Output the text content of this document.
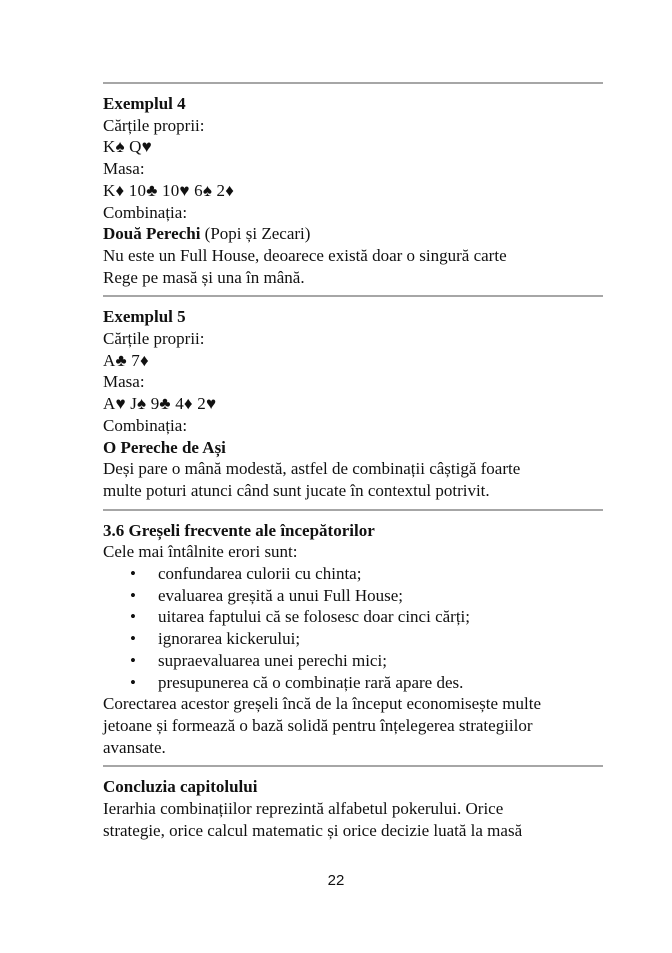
Exemplul 4
Cărțile proprii:
K♠ Q♥
Masa:
K♦ 10♣ 10♥ 6♠ 2♦
Combinația:
Două Perechi (Popi și Zecari)
Nu este un Full House, deoarece există doar o singură carte
Rege pe masă și una în mână.
Exemplul 5
Cărțile proprii:
A♣ 7♦
Masa:
A♥ J♠ 9♣ 4♦ 2♥
Combinația:
O Pereche de Ași
Deși pare o mână modestă, astfel de combinații câștigă foarte
multe poturi atunci când sunt jucate în contextul potrivit.
3.6 Greșeli frecvente ale începătorilor
Cele mai întâlnite erori sunt:
• confundarea culorii cu chinta;
• evaluarea greșită a unui Full House;
• uitarea faptului că se folosesc doar cinci cărți;
• ignorarea kickerului;
• supraevaluarea unei perechi mici;
• presupunerea că o combinație rară apare des.
Corectarea acestor greșeli încă de la început economisește multe
jetoane și formează o bază solidă pentru înțelegerea strategiilor
avansate.
Concluzia capitolului
Ierarhia combinațiilor reprezintă alfabetul pokerului. Orice
strategie, orice calcul matematic și orice decizie luată la masă
22
